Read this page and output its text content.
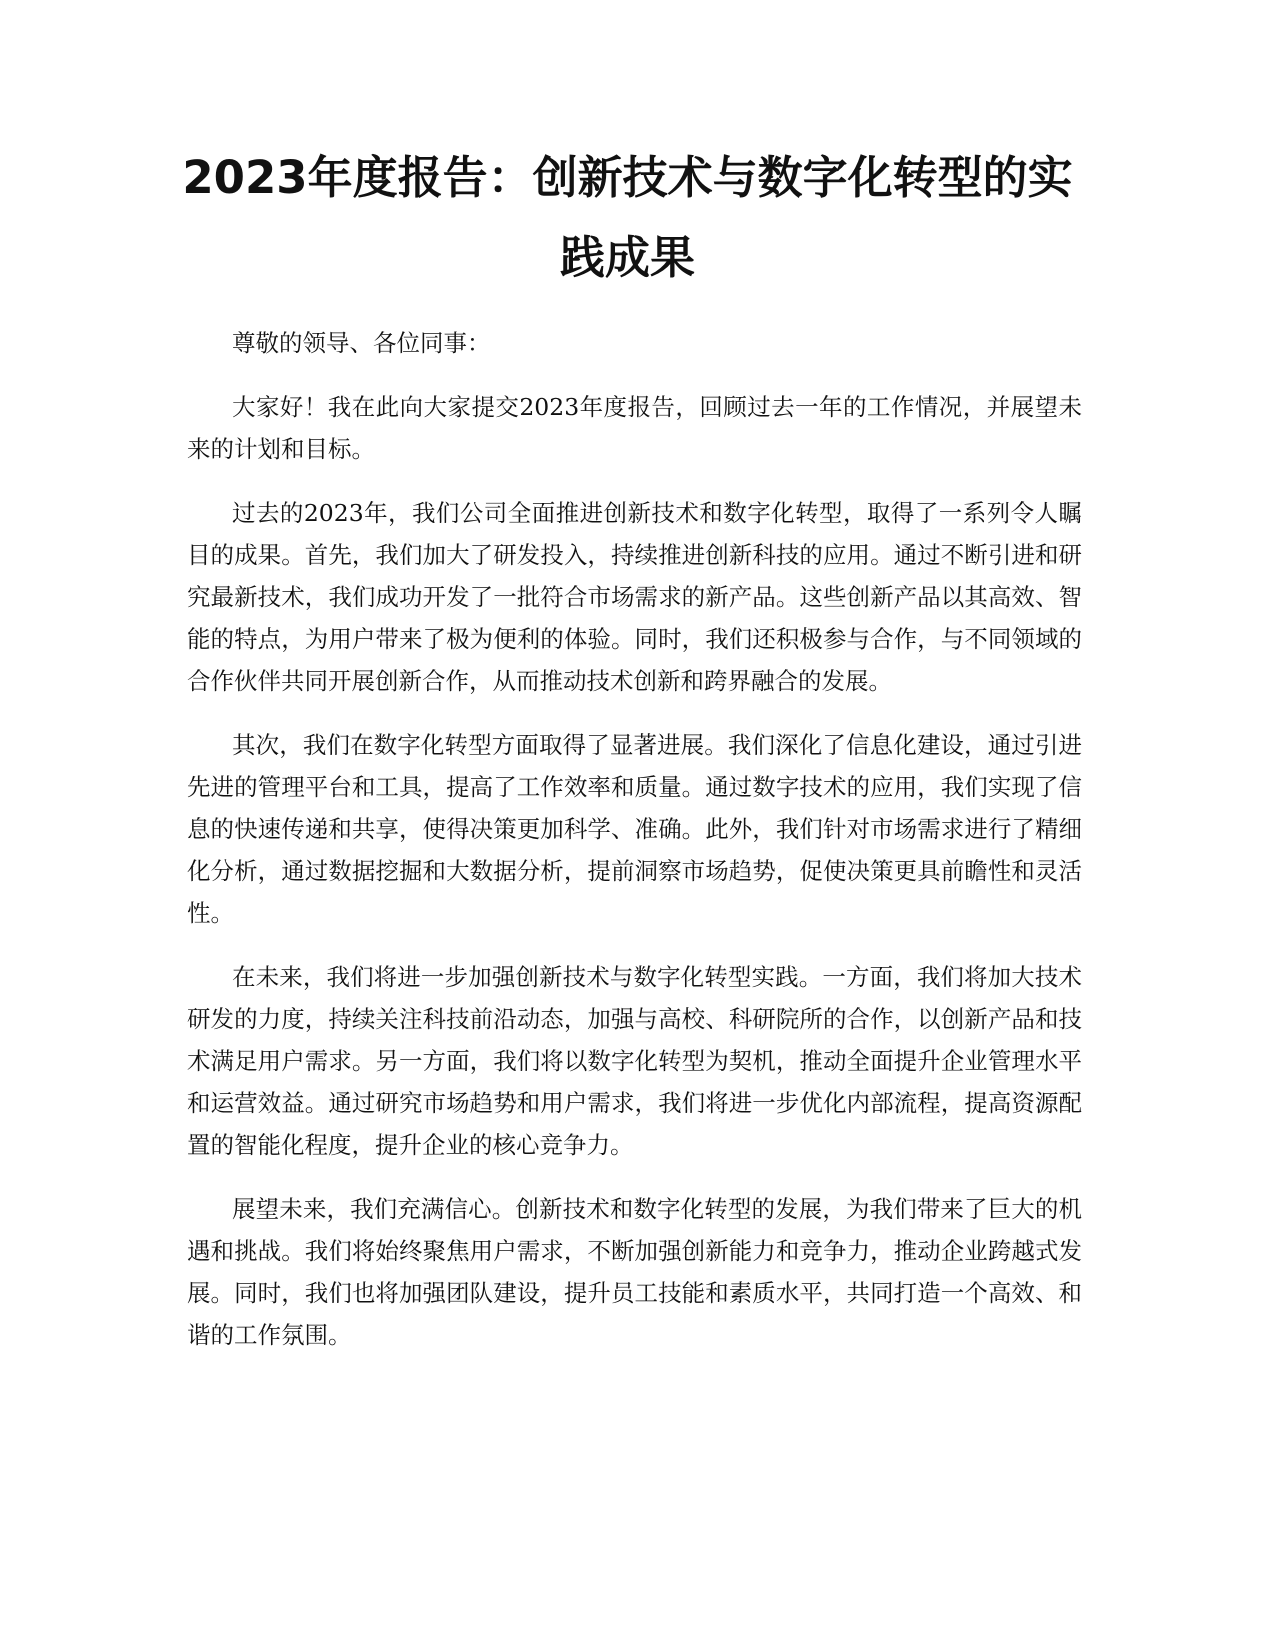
2023年度报告：创新技术与数字化转型的实践成果

尊敬的领导、各位同事：

大家好！我在此向大家提交2023年度报告，回顾过去一年的工作情况，并展望未来的计划和目标。

过去的2023年，我们公司全面推进创新技术和数字化转型，取得了一系列令人瞩目的成果。首先，我们加大了研发投入，持续推进创新科技的应用。通过不断引进和研究最新技术，我们成功开发了一批符合市场需求的新产品。这些创新产品以其高效、智能的特点，为用户带来了极为便利的体验。同时，我们还积极参与合作，与不同领域的合作伙伴共同开展创新合作，从而推动技术创新和跨界融合的发展。

其次，我们在数字化转型方面取得了显著进展。我们深化了信息化建设，通过引进先进的管理平台和工具，提高了工作效率和质量。通过数字技术的应用，我们实现了信息的快速传递和共享，使得决策更加科学、准确。此外，我们针对市场需求进行了精细化分析，通过数据挖掘和大数据分析，提前洞察市场趋势，促使决策更具前瞻性和灵活性。

在未来，我们将进一步加强创新技术与数字化转型实践。一方面，我们将加大技术研发的力度，持续关注科技前沿动态，加强与高校、科研院所的合作，以创新产品和技术满足用户需求。另一方面，我们将以数字化转型为契机，推动全面提升企业管理水平和运营效益。通过研究市场趋势和用户需求，我们将进一步优化内部流程，提高资源配置的智能化程度，提升企业的核心竞争力。

展望未来，我们充满信心。创新技术和数字化转型的发展，为我们带来了巨大的机遇和挑战。我们将始终聚焦用户需求，不断加强创新能力和竞争力，推动企业跨越式发展。同时，我们也将加强团队建设，提升员工技能和素质水平，共同打造一个高效、和谐的工作氛围。
